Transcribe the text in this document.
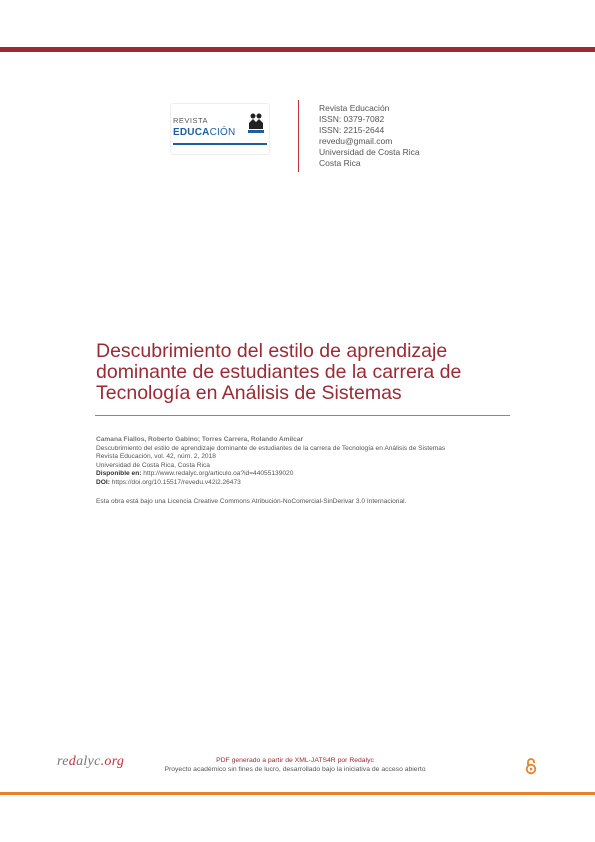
REVISTA
EDUCACIÓN
Revista Educación
ISSN: 0379-7082
ISSN: 2215-2644
revedu@gmail.com
Universidad de Costa Rica
Costa Rica
Descubrimiento del estilo de aprendizaje dominante de estudiantes de la carrera de Tecnología en Análisis de Sistemas
Camana Fiallos, Roberto Gabino; Torres Carrera, Rolando Amilcar
Descubrimiento del estilo de aprendizaje dominante de estudiantes de la carrera de Tecnología en Análisis de Sistemas
Revista Educación, vol. 42, núm. 2, 2018
Universidad de Costa Rica, Costa Rica
Disponible en: http://www.redalyc.org/articulo.oa?id=44055139020
DOI: https://doi.org/10.15517/revedu.v42i2.26473
Esta obra está bajo una Licencia Creative Commons Atribución-NoComercial-SinDerivar 3.0 Internacional.
redalyc.org	PDF generado a partir de XML-JATS4R por Redalyc
Proyecto académico sin fines de lucro, desarrollado bajo la iniciativa de acceso abierto
